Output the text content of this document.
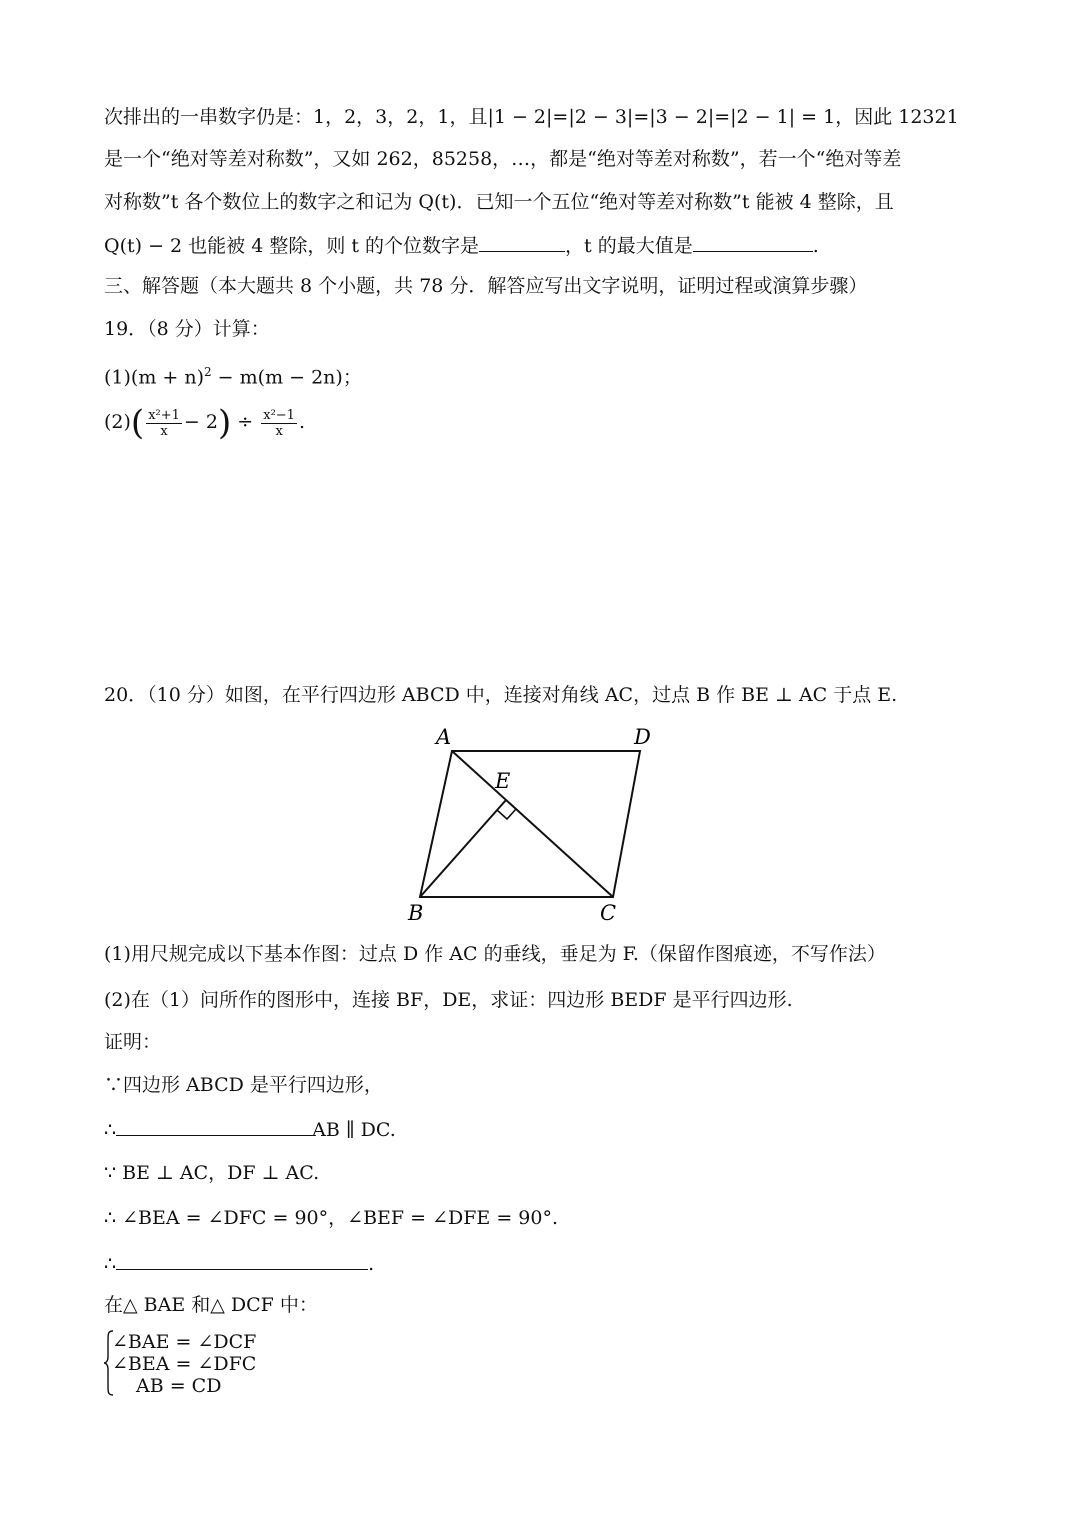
次排出的一串数字仍是：1，2，3，2，1，且|1 − 2|=|2 − 3|=|3 − 2|=|2 − 1| = 1，因此 12321
是一个“绝对等差对称数”，又如 262，85258，…，都是“绝对等差对称数”，若一个“绝对等差
对称数”t 各个数位上的数字之和记为 Q(t)．已知一个五位“绝对等差对称数”t 能被 4 整除，且
Q(t) − 2 也能被 4 整除，则 t 的个位数字是	，t 的最大值是	.
三、解答题（本大题共 8 个小题，共 78 分．解答应写出文字说明，证明过程或演算步骤）
19．（8 分）计算：
$(1)(m + n)^2 - m(m - 2n)$；
$(2)( \frac{\text{x²+1}}{x} - 2) \div \frac{\text{x²−1}}{x}$ .
20．（10 分）如图，在平行四边形 ABCD 中，连接对角线 AC，过点 B 作 BE ⊥ AC 于点 E.
A	D
E
B	C
(1)用尺规完成以下基本作图：过点 D 作 AC 的垂线，垂足为 F.（保留作图痕迹，不写作法）
(2)在（1）问所作的图形中，连接 BF，DE，求证：四边形 BEDF 是平行四边形.
证明：
∵四边形 ABCD 是平行四边形，
∴	AB ∥ DC.
∵ BE ⊥ AC，DF ⊥ AC.
∴ ∠BEA = ∠DFC = 90°，∠BEF = ∠DFE = 90°.
∴	.
在△ BAE 和△ DCF 中：
∠BAE = ∠DCF
∠BEA = ∠DFC
AB = CD
